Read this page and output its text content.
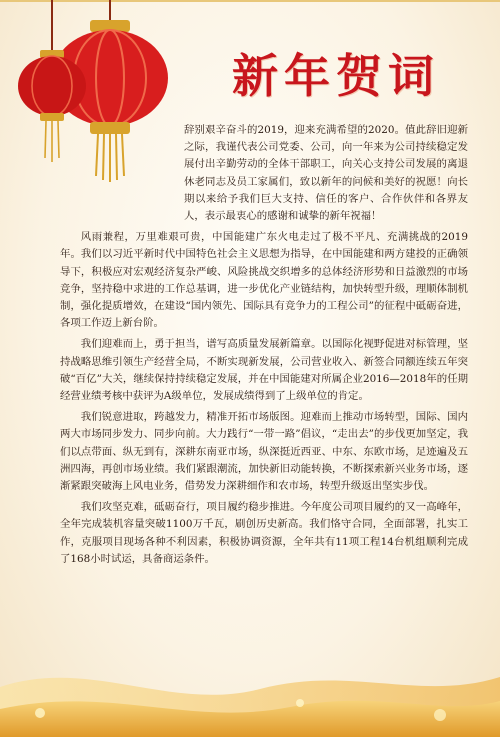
新年贺词

辞别艰辛奋斗的2019，迎来充满希望的2020。值此辞旧迎新之际，我谨代表公司党委、公司，向一年来为公司持续稳定发展付出辛勤劳动的全体干部职工，向关心支持公司发展的离退休老同志及员工家属们，致以新年的问候和美好的祝愿！向长期以来给予我们巨大支持、信任的客户、合作伙伴和各界友人，表示最衷心的感谢和诚挚的新年祝福！

风雨兼程，万里难艰可贵，中国能建广东火电走过了极不平凡、充满挑战的2019年。我们以习近平新时代中国特色社会主义思想为指导，在中国能建和两方建投的正确领导下，积极应对宏观经济复杂严峻、风险挑战交织增多的总体经济形势和日益激烈的市场竞争，坚持稳中求进的工作总基调，进一步优化产业链结构，加快转型升级，理顺体制机制，强化提质增效，在建设“国内领先、国际具有竞争力的工程公司”的征程中砥砺奋进，各项工作迈上新台阶。

我们迎难而上，勇于担当，谱写高质量发展新篇章。以国际化视野促进对标管理，坚持战略思维引领生产经营全局，不断实现新发展，公司营业收入、新签合同额连续五年突破“百亿”大关，继续保持持续稳定发展，并在中国能建对所属企业2016—2018年的任期经营业绩考核中获评为A级单位，发展成绩得到了上级单位的肯定。

我们锐意进取，跨越发力，精准开拓市场版图。迎难而上推动市场转型，国际、国内两大市场同步发力、同步向前。大力践行“一带一路”倡议，“走出去”的步伐更加坚定，我们以点带面、纵无到有，深耕东南亚市场，纵深挺近西亚、中东、东欧市场，足迹遍及五洲四海，再创市场业绩。我们紧跟潮流，加快新旧动能转换，不断探索新兴业务市场，逐渐紧跟突破海上风电业务，借势发力深耕细作和农市场，转型升级返出坚实步伐。

我们攻坚克难，砥砺奋行，项目履约稳步推进。今年度公司项目履约的又一高峰年，全年完成装机容量突破1100万千瓦，刷创历史新高。我们恪守合同，全面部署，扎实工作，克服项目现场各种不利因素，积极协调资源，全年共有11项工程14台机组顺利完成了168小时试运，具备商运条件。
